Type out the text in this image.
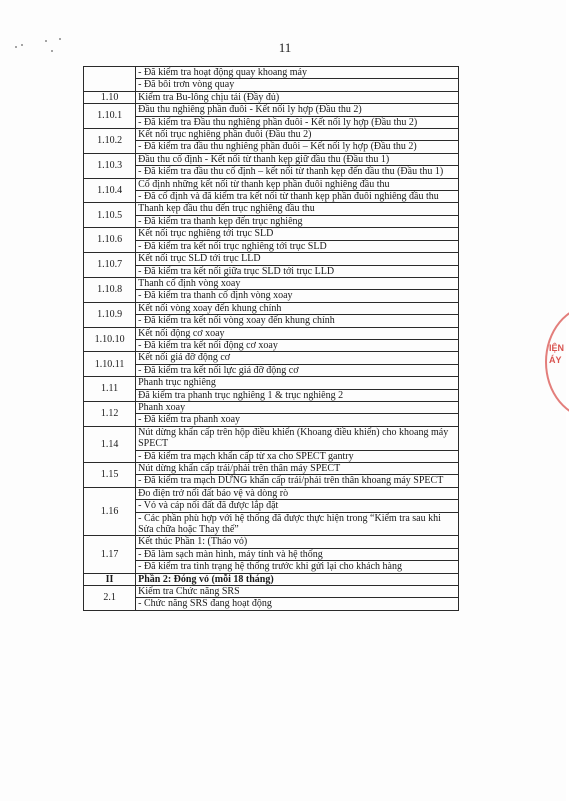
11
	- Đã kiểm tra hoạt động quay khoang máy
	- Đã bôi trơn vòng quay
1.10	Kiểm tra Bu-lông chịu tải (Đầy đủ)
1.10.1	Đầu thu nghiêng phần đuôi - Kết nối ly hợp (Đầu thu 2)
	- Đã kiểm tra Đầu thu nghiêng phần đuôi - Kết nối ly hợp (Đầu thu 2)
1.10.2	Kết nối trục nghiêng phần đuôi (Đầu thu 2)
	- Đã kiểm tra đầu thu nghiêng phần đuôi – Kết nối ly hợp (Đầu thu 2)
1.10.3	Đầu thu cố định - Kết nối từ thanh kẹp giữ đầu thu (Đầu thu 1)
	- Đã kiểm tra đầu thu cố định – kết nối từ thanh kẹp đến đầu thu (Đầu thu 1)
1.10.4	Cố định những kết nối từ thanh kẹp phần đuôi nghiêng đầu thu
	- Đã cố định và đã kiểm tra kết nối từ thanh kẹp phần đuôi nghiêng đầu thu
1.10.5	Thanh kẹp đầu thu đến trục nghiêng đầu thu
	- Đã kiểm tra thanh kẹp đến trục nghiêng
1.10.6	Kết nối trục nghiêng tới trục SLD
	- Đã kiểm tra kết nối trục nghiêng tới trục SLD
1.10.7	Kết nối trục SLD tới trục LLD
	- Đã kiểm tra kết nối giữa trục SLD tới trục LLD
1.10.8	Thanh cố định vòng xoay
	- Đã kiểm tra thanh cố định vòng xoay
1.10.9	Kết nối vòng xoay đến khung chính
	- Đã kiểm tra kết nối vòng xoay đến khung chính
1.10.10	Kết nối động cơ xoay
	- Đã kiểm tra kết nối động cơ xoay
1.10.11	Kết nối giá đỡ động cơ
	- Đã kiểm tra kết nối lực giá đỡ động cơ
1.11	Phanh trục nghiêng
	Đã kiểm tra phanh trục nghiêng 1 & trục nghiêng 2
1.12	Phanh xoay
	- Đã kiểm tra phanh xoay
1.14	Nút dừng khẩn cấp trên hộp điều khiển (Khoang điều khiển) cho khoang máy SPECT
	- Đã kiểm tra mạch khẩn cấp từ xa cho SPECT gantry
1.15	Nút dừng khẩn cấp trái/phải trên thân máy SPECT
	- Đã kiểm tra mạch DỪNG khẩn cấp trái/phải trên thân khoang máy SPECT
1.16	Đo điện trở nối đất bảo vệ và dòng rò
	- Vỏ và cáp nối đất đã được lắp đặt
	- Các phần phù hợp với hệ thống đã được thực hiện trong “Kiểm tra sau khi Sửa chữa hoặc Thay thế”
1.17	Kết thúc Phần 1: (Tháo vỏ)
	- Đã làm sạch màn hình, máy tính và hệ thống
	- Đã kiểm tra tình trạng hệ thống trước khi gửi lại cho khách hàng
II	Phần 2: Đóng vỏ (mỗi 18 tháng)
2.1	Kiểm tra Chức năng SRS
	- Chức năng SRS đang hoạt động
IỆN
ÁY
